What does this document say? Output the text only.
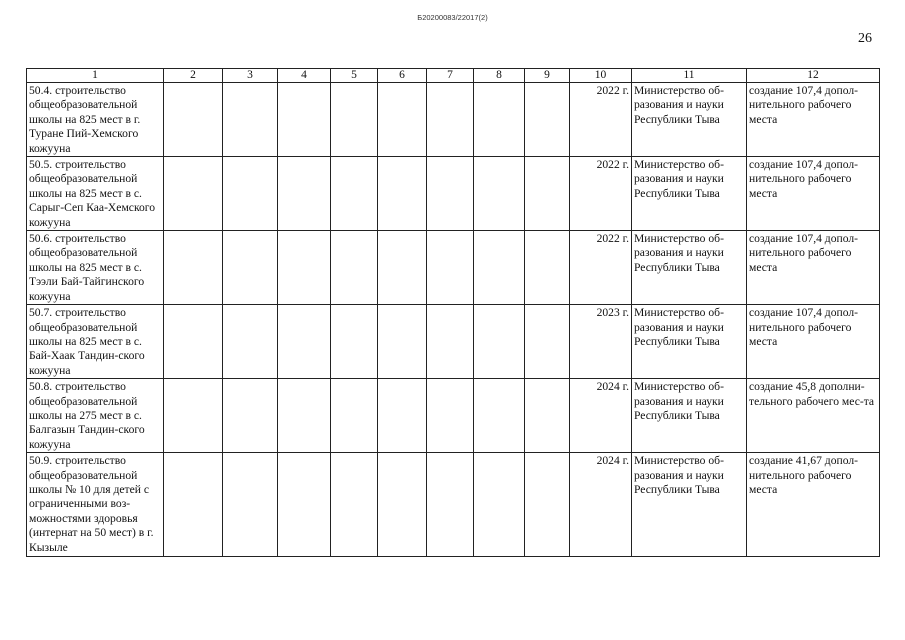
Б20200083/22017(2)
26
1	2	3	4	5	6	7	8	9	10	11	12
50.4. строительство общеобразовательной школы на 825 мест в г. Туране Пий-Хемского кожууна									2022 г.	Министерство об-разования и науки Республики Тыва	создание 107,4 допол-нительного рабочего места
50.5. строительство общеобразовательной школы на 825 мест в с. Сарыг-Сеп Каа-Хемского кожууна									2022 г.	Министерство об-разования и науки Республики Тыва	создание 107,4 допол-нительного рабочего места
50.6. строительство общеобразовательной школы на 825 мест в с. Тээли Бай-Тайгинского кожууна									2022 г.	Министерство об-разования и науки Республики Тыва	создание 107,4 допол-нительного рабочего места
50.7. строительство общеобразовательной школы на 825 мест в с. Бай-Хаак Тандин-ского кожууна									2023 г.	Министерство об-разования и науки Республики Тыва	создание 107,4 допол-нительного рабочего места
50.8. строительство общеобразовательной школы на 275 мест в с. Балгазын Тандин-ского кожууна									2024 г.	Министерство об-разования и науки Республики Тыва	создание 45,8 дополни-тельного рабочего мес-та
50.9. строительство общеобразовательной школы № 10 для детей с ограниченными воз-можностями здоровья (интернат на 50 мест) в г. Кызыле									2024 г.	Министерство об-разования и науки Республики Тыва	создание 41,67 допол-нительного рабочего места
